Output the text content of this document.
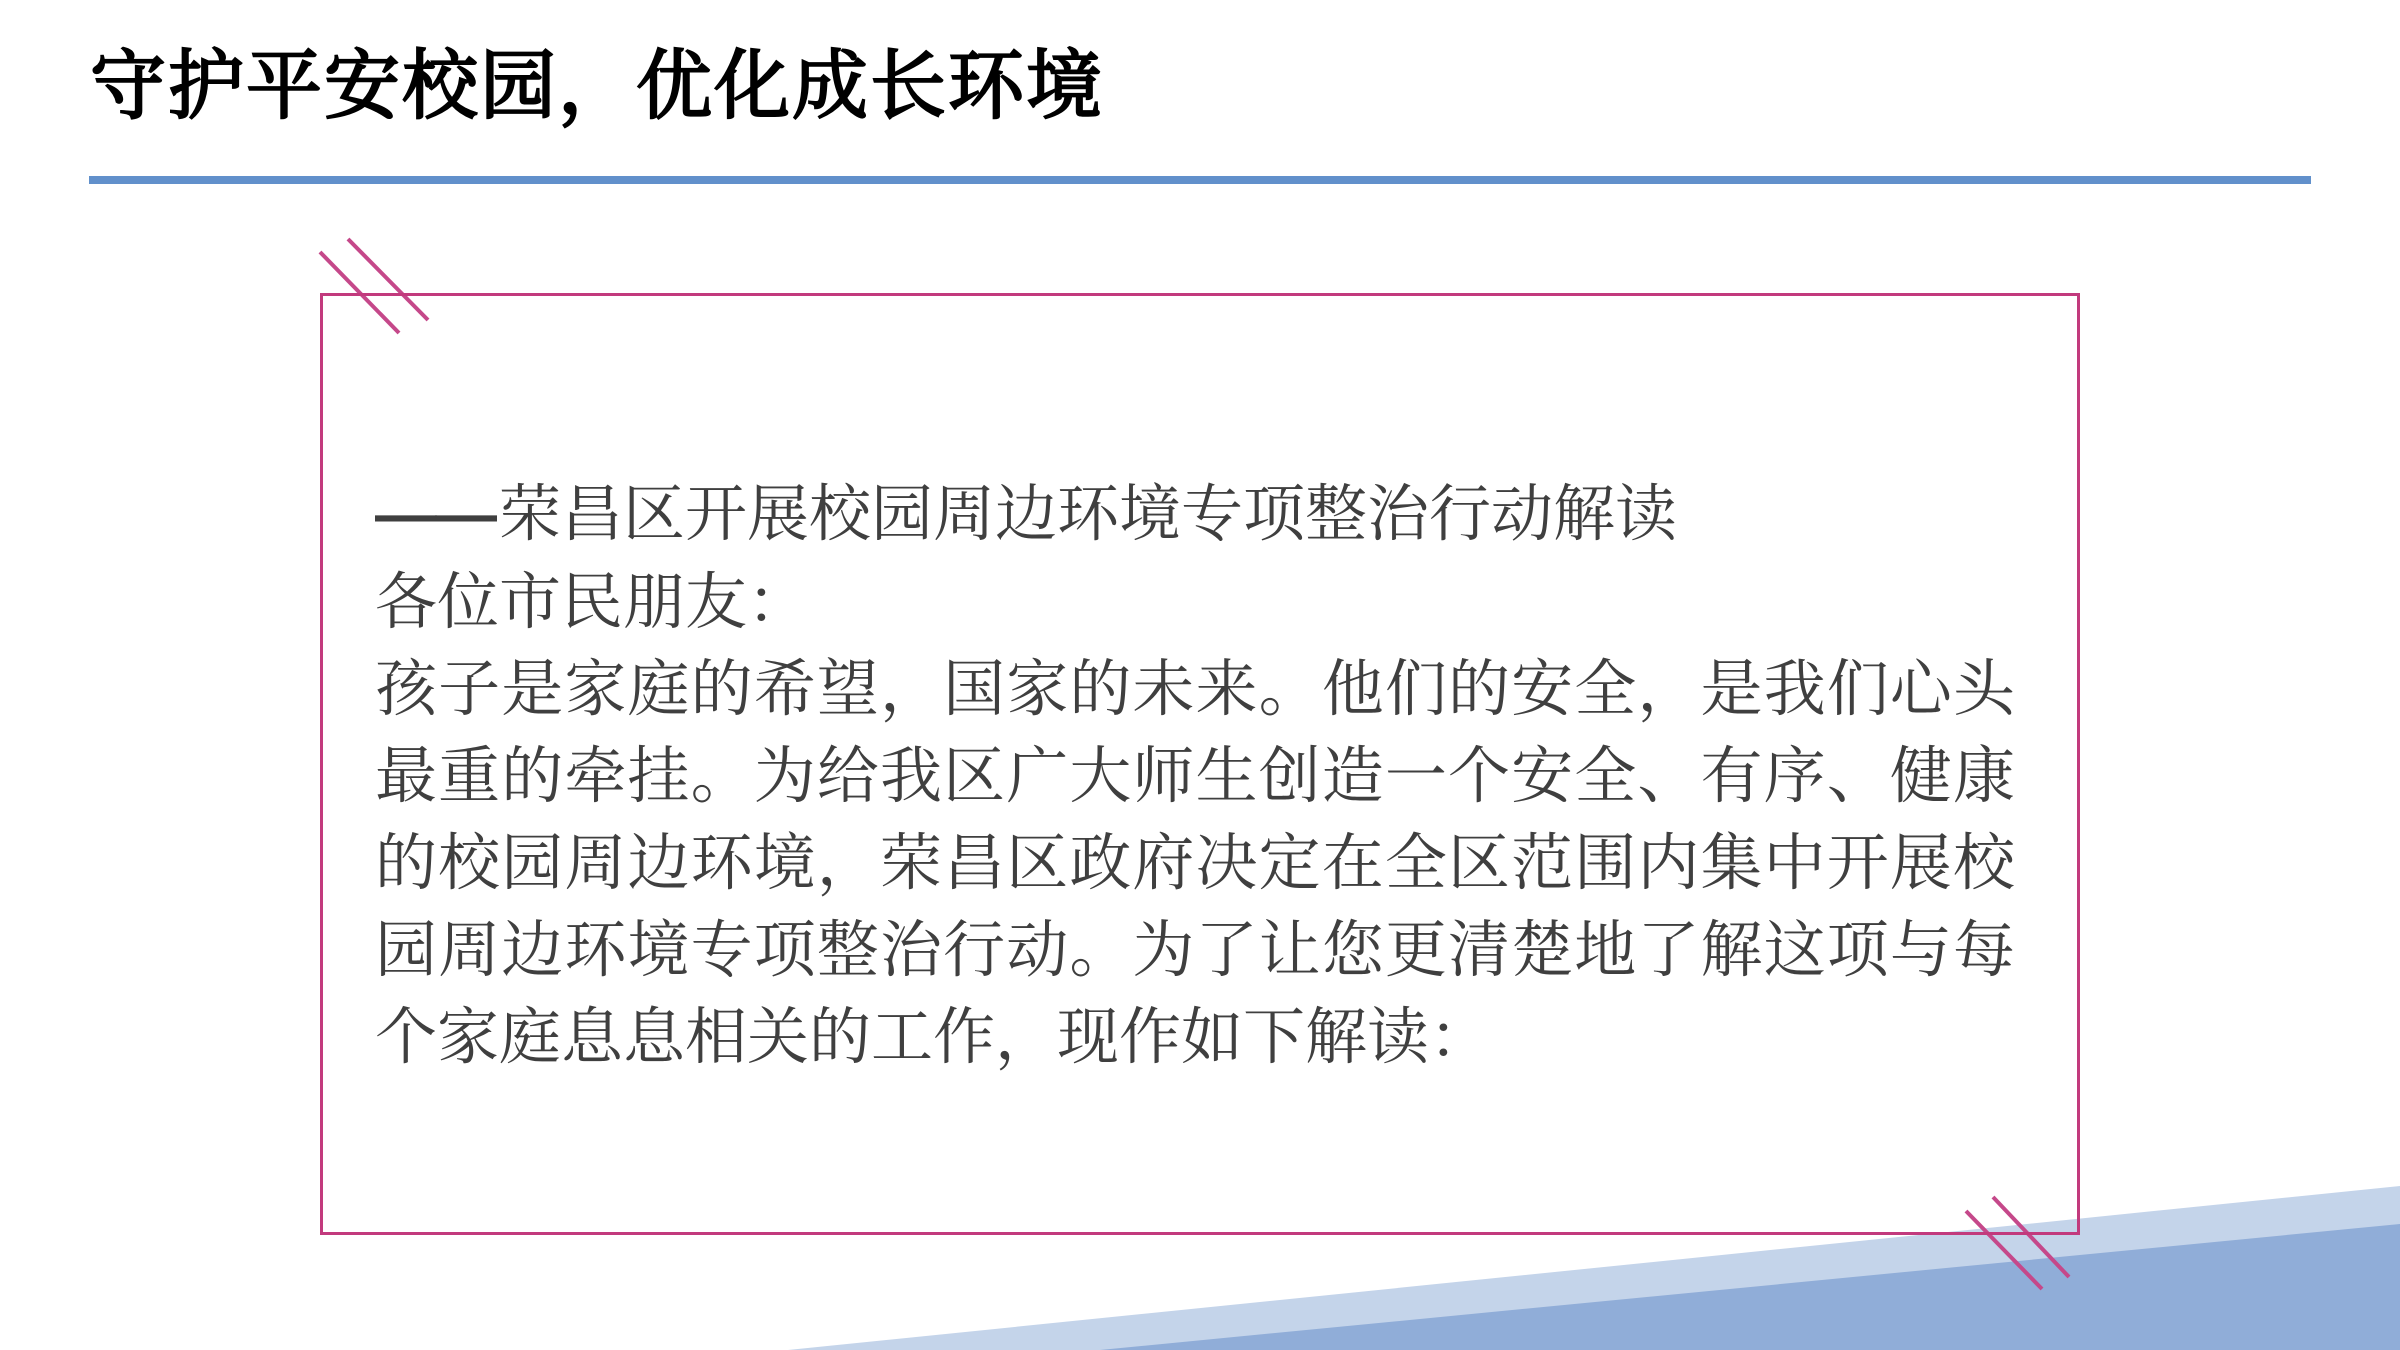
守护平安校园，优化成长环境

——荣昌区开展校园周边环境专项整治行动解读

各位市民朋友：

孩子是家庭的希望，国家的未来。他们的安全，是我们心头最重的牵挂。为给我区广大师生创造一个安全、有序、健康的校园周边环境，荣昌区政府决定在全区范围内集中开展校园周边环境专项整治行动。为了让您更清楚地了解这项与每个家庭息息相关的工作，现作如下解读：
